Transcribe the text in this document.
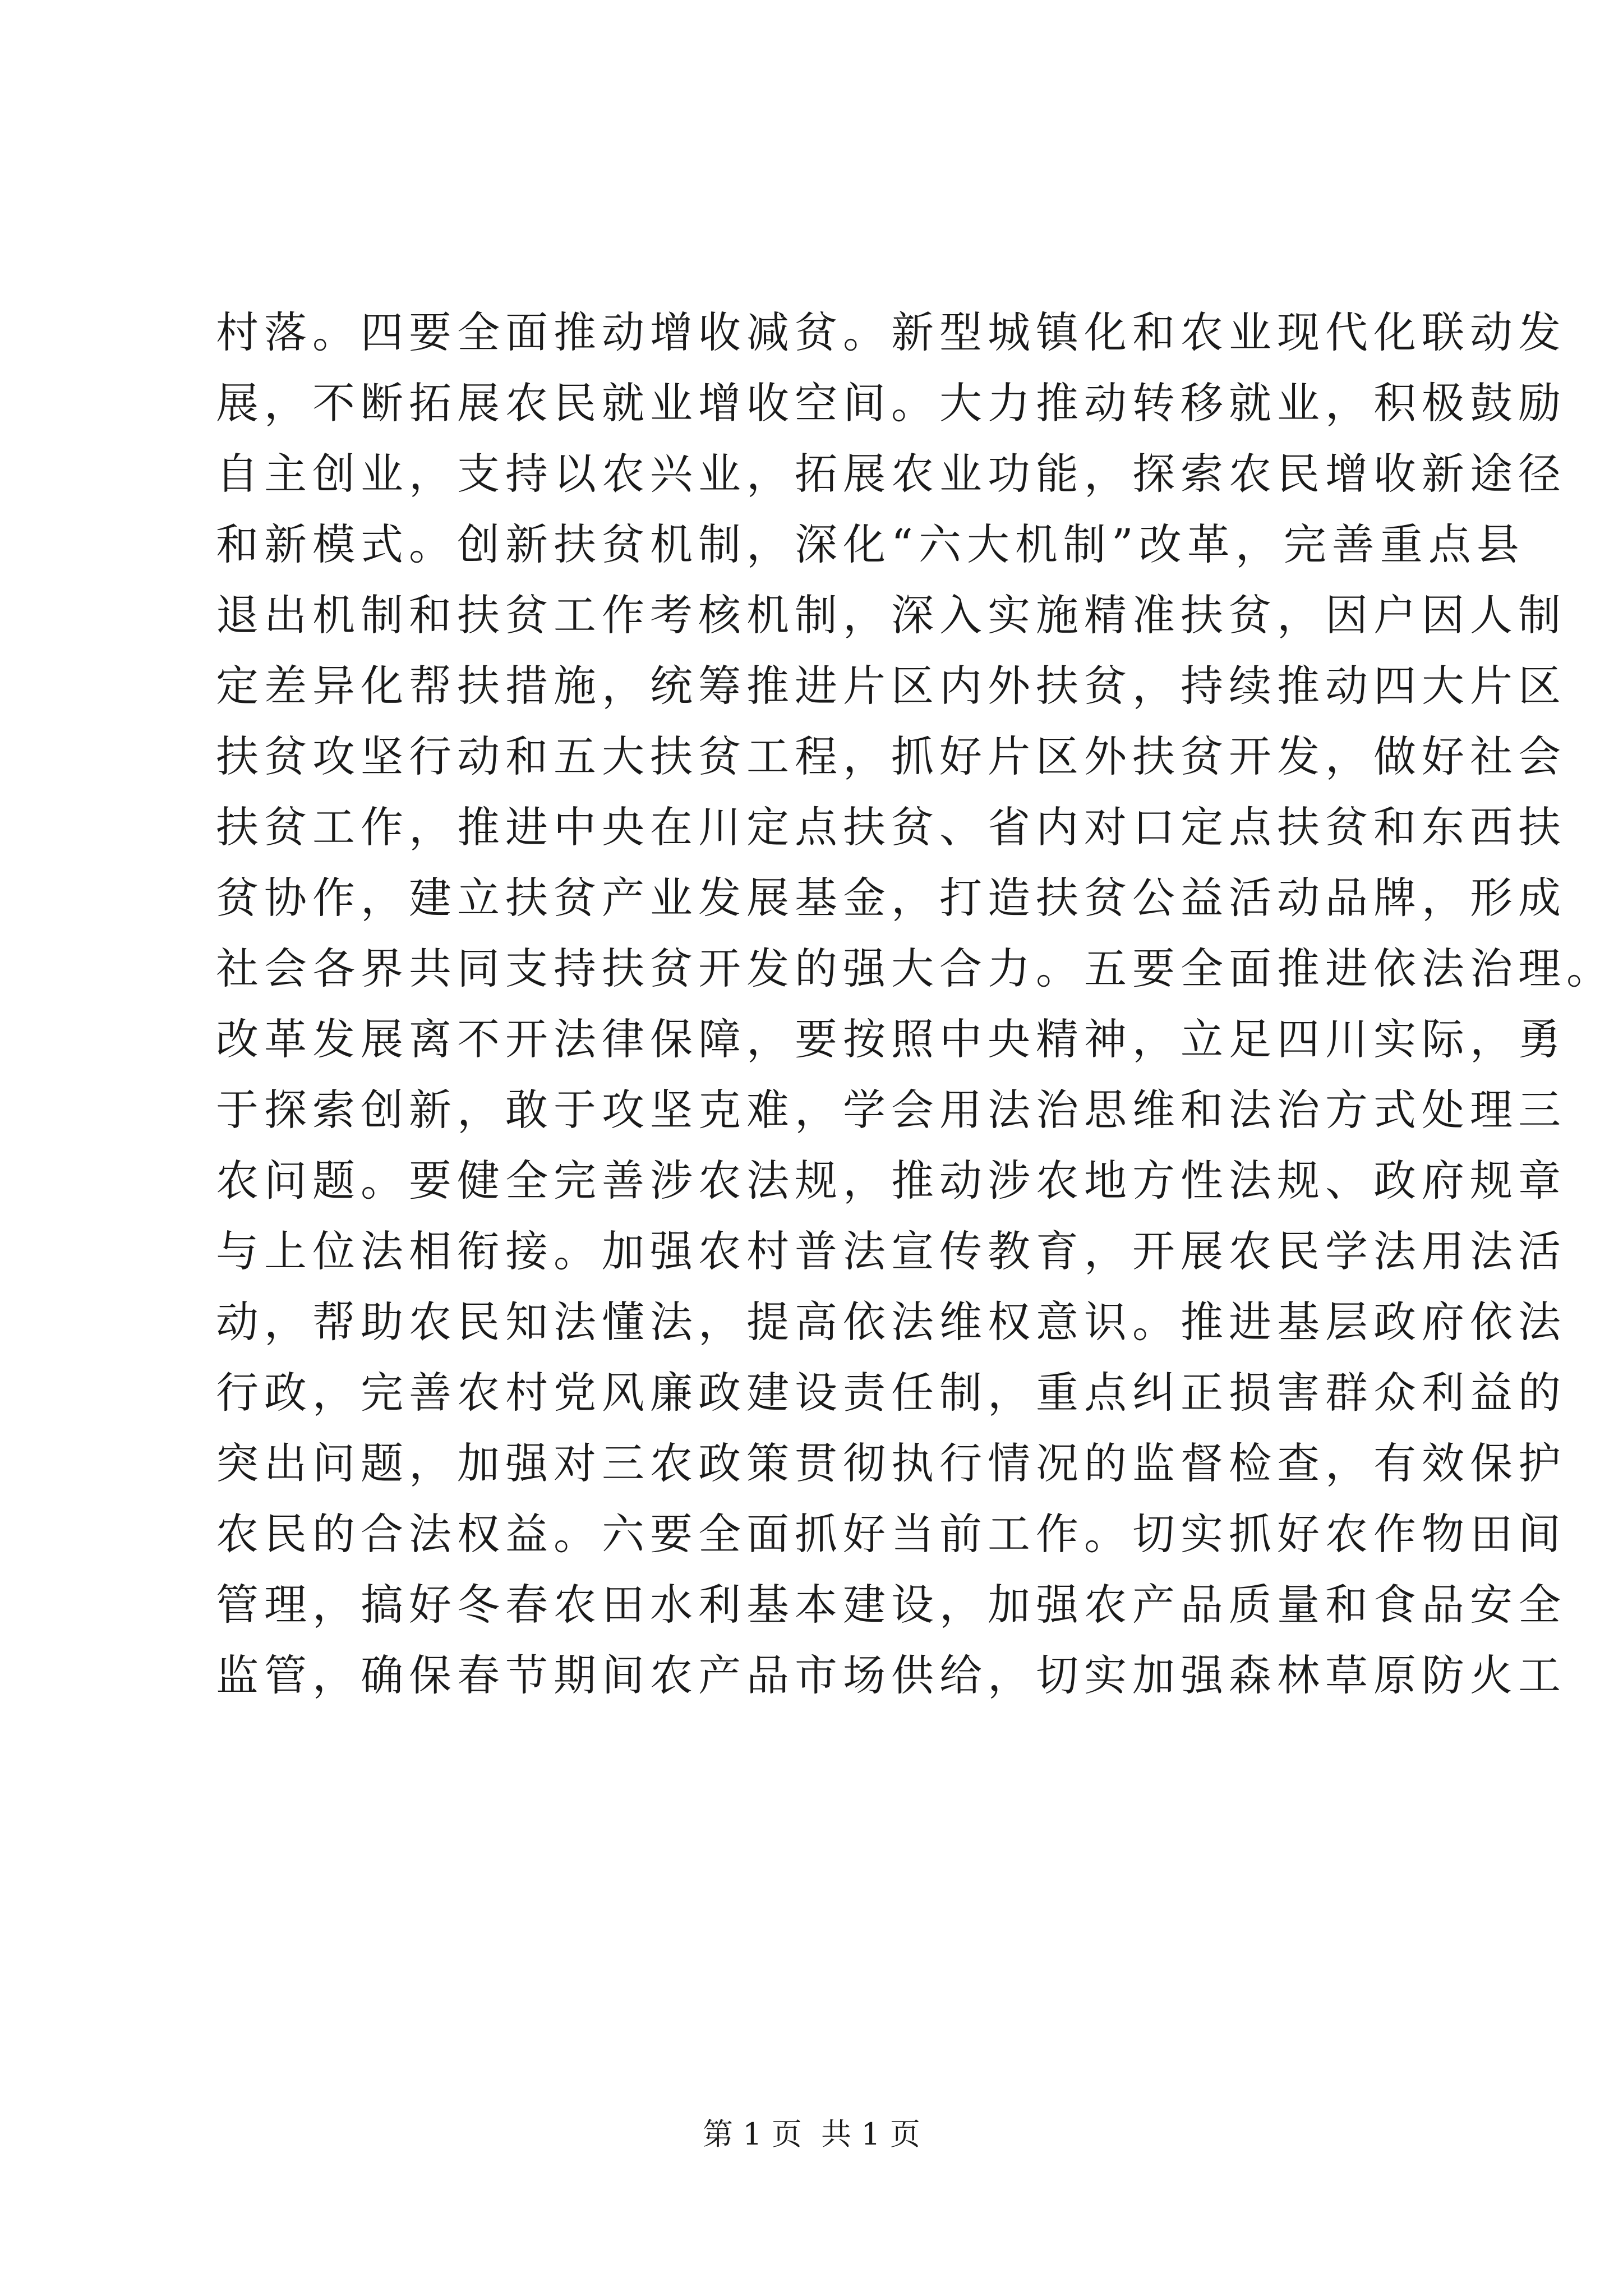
村落。四要全面推动增收减贫。新型城镇化和农业现代化联动发
展，不断拓展农民就业增收空间。大力推动转移就业，积极鼓励
自主创业，支持以农兴业，拓展农业功能，探索农民增收新途径
和新模式。创新扶贫机制，深化“六大机制”改革，完善重点县
退出机制和扶贫工作考核机制，深入实施精准扶贫，因户因人制
定差异化帮扶措施，统筹推进片区内外扶贫，持续推动四大片区
扶贫攻坚行动和五大扶贫工程，抓好片区外扶贫开发，做好社会
扶贫工作，推进中央在川定点扶贫、省内对口定点扶贫和东西扶
贫协作，建立扶贫产业发展基金，打造扶贫公益活动品牌，形成
社会各界共同支持扶贫开发的强大合力。五要全面推进依法治理。
改革发展离不开法律保障，要按照中央精神，立足四川实际，勇
于探索创新，敢于攻坚克难，学会用法治思维和法治方式处理三
农问题。要健全完善涉农法规，推动涉农地方性法规、政府规章
与上位法相衔接。加强农村普法宣传教育，开展农民学法用法活
动，帮助农民知法懂法，提高依法维权意识。推进基层政府依法
行政，完善农村党风廉政建设责任制，重点纠正损害群众利益的
突出问题，加强对三农政策贯彻执行情况的监督检查，有效保护
农民的合法权益。六要全面抓好当前工作。切实抓好农作物田间
管理，搞好冬春农田水利基本建设，加强农产品质量和食品安全
监管，确保春节期间农产品市场供给，切实加强森林草原防火工
第 1 页  共 1 页
